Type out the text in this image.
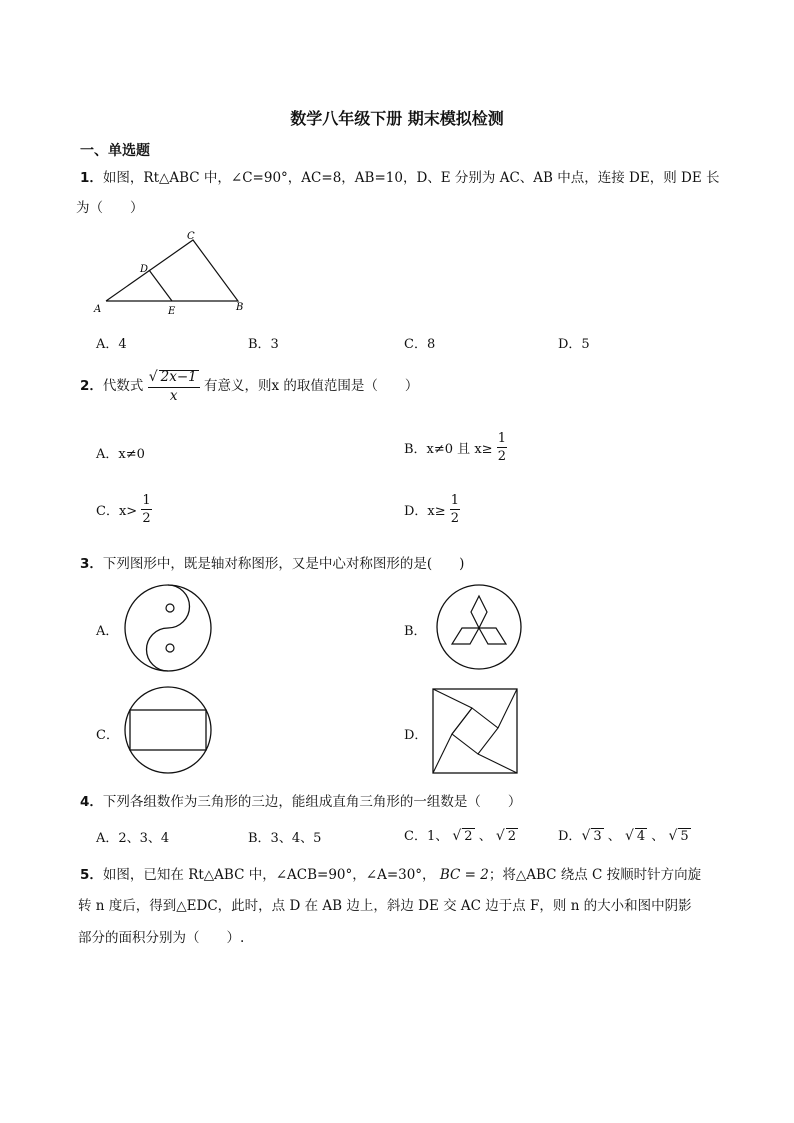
数学八年级下册 期末模拟检测
一、单选题
1．如图，Rt△ABC 中，∠C=90°，AC=8，AB=10，D、E 分别为 AC、AB 中点，连接 DE，则 DE 长
为（　　）
A
C
D
E	B
A．4	B．3	C．8	D．5
2．代数式 $\frac{√ 2x-1}{x}$ 有意义，则x 的取值范围是（　　）
A．x≠0	B．x≠0 且 $x\ge \frac{1}{2}$
C．$x> \frac{1}{2}$	D．$x\ge \frac{1}{2}$
3．下列图形中，既是轴对称图形，又是中心对称图形的是(　　)
A．	B．
C．	D．
4．下列各组数作为三角形的三边，能组成直角三角形的一组数是（　　）
A．2、3、4	B．3、4、5	C．1、 √ 2 、 √ 2	D．√ 3 、 √ 4 、 √ 5
5．如图，已知在 Rt△ABC 中，∠ACB=90°，∠A=30°， BC = 2；将△ABC 绕点 C 按顺时针方向旋
转 n 度后，得到△EDC，此时，点 D 在 AB 边上，斜边 DE 交 AC 边于点 F，则 n 的大小和图中阴影
部分的面积分别为（　　）.
